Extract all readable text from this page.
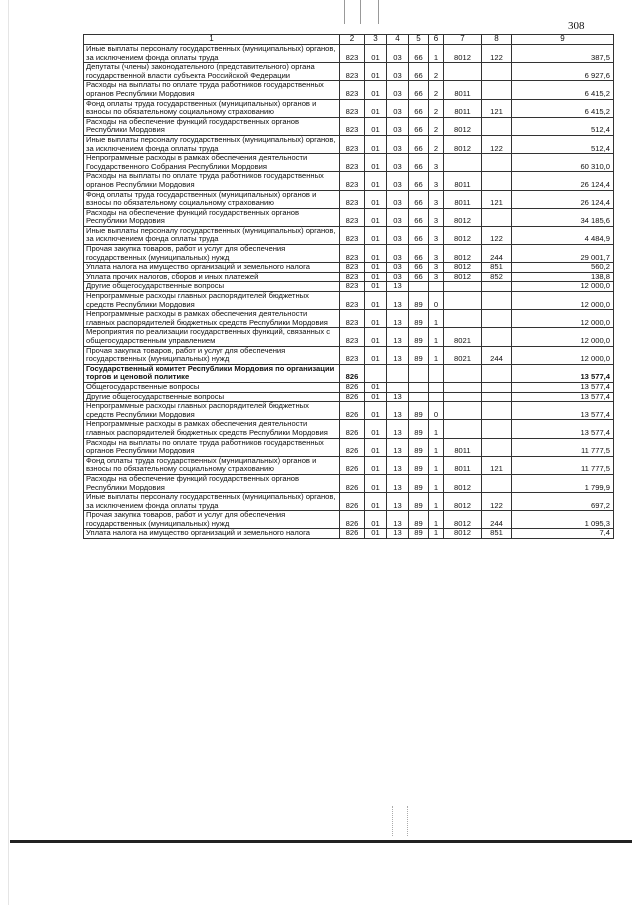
308
1	2	3	4	5	6	7	8	9
Иные выплаты персоналу государственных (муниципальных) органов, за исключением фонда оплаты труда	823	01	03	66	1	8012	122	387,5
Депутаты (члены) законодательного (представительного) органа государственной власти субъекта Российской Федерации	823	01	03	66	2			6 927,6
Расходы на выплаты по оплате труда работников государственных органов Республики Мордовия	823	01	03	66	2	8011		6 415,2
Фонд оплаты труда государственных (муниципальных) органов и взносы по обязательному социальному страхованию	823	01	03	66	2	8011	121	6 415,2
Расходы на обеспечение функций государственных органов Республики Мордовия	823	01	03	66	2	8012		512,4
Иные выплаты персоналу государственных (муниципальных) органов, за исключением фонда оплаты труда	823	01	03	66	2	8012	122	512,4
Непрограммные расходы в рамках обеспечения деятельности Государственного Собрания Республики Мордовия	823	01	03	66	3			60 310,0
Расходы на выплаты по оплате труда работников государственных органов Республики Мордовия	823	01	03	66	3	8011		26 124,4
Фонд оплаты труда государственных (муниципальных) органов и взносы по обязательному социальному страхованию	823	01	03	66	3	8011	121	26 124,4
Расходы на обеспечение функций государственных органов Республики Мордовия	823	01	03	66	3	8012		34 185,6
Иные выплаты персоналу государственных (муниципальных) органов, за исключением фонда оплаты труда	823	01	03	66	3	8012	122	4 484,9
Прочая закупка товаров, работ и услуг для обеспечения государственных (муниципальных) нужд	823	01	03	66	3	8012	244	29 001,7
Уплата налога на имущество организаций и земельного налога	823	01	03	66	3	8012	851	560,2
Уплата прочих налогов, сборов и иных платежей	823	01	03	66	3	8012	852	138,8
Другие общегосударственные вопросы	823	01	13					12 000,0
Непрограммные расходы главных распорядителей бюджетных средств Республики Мордовия	823	01	13	89	0			12 000,0
Непрограммные расходы в рамках обеспечения деятельности главных распорядителей бюджетных средств Республики Мордовия	823	01	13	89	1			12 000,0
Мероприятия по реализации государственных функций, связанных с общегосударственным управлением	823	01	13	89	1	8021		12 000,0
Прочая закупка товаров, работ и услуг для обеспечения государственных (муниципальных) нужд	823	01	13	89	1	8021	244	12 000,0
Государственный комитет Республики Мордовия по организации торгов и ценовой политике	826							13 577,4
Общегосударственные вопросы	826	01						13 577,4
Другие общегосударственные вопросы	826	01	13					13 577,4
Непрограммные расходы главных распорядителей бюджетных средств Республики Мордовия	826	01	13	89	0			13 577,4
Непрограммные расходы в рамках обеспечения деятельности главных распорядителей бюджетных средств Республики Мордовия	826	01	13	89	1			13 577,4
Расходы на выплаты по оплате труда работников государственных органов Республики Мордовия	826	01	13	89	1	8011		11 777,5
Фонд оплаты труда государственных (муниципальных) органов и взносы по обязательному социальному страхованию	826	01	13	89	1	8011	121	11 777,5
Расходы на обеспечение функций государственных органов Республики Мордовия	826	01	13	89	1	8012		1 799,9
Иные выплаты персоналу государственных (муниципальных) органов, за исключением фонда оплаты труда	826	01	13	89	1	8012	122	697,2
Прочая закупка товаров, работ и услуг для обеспечения государственных (муниципальных) нужд	826	01	13	89	1	8012	244	1 095,3
Уплата налога на имущество организаций и земельного налога	826	01	13	89	1	8012	851	7,4
